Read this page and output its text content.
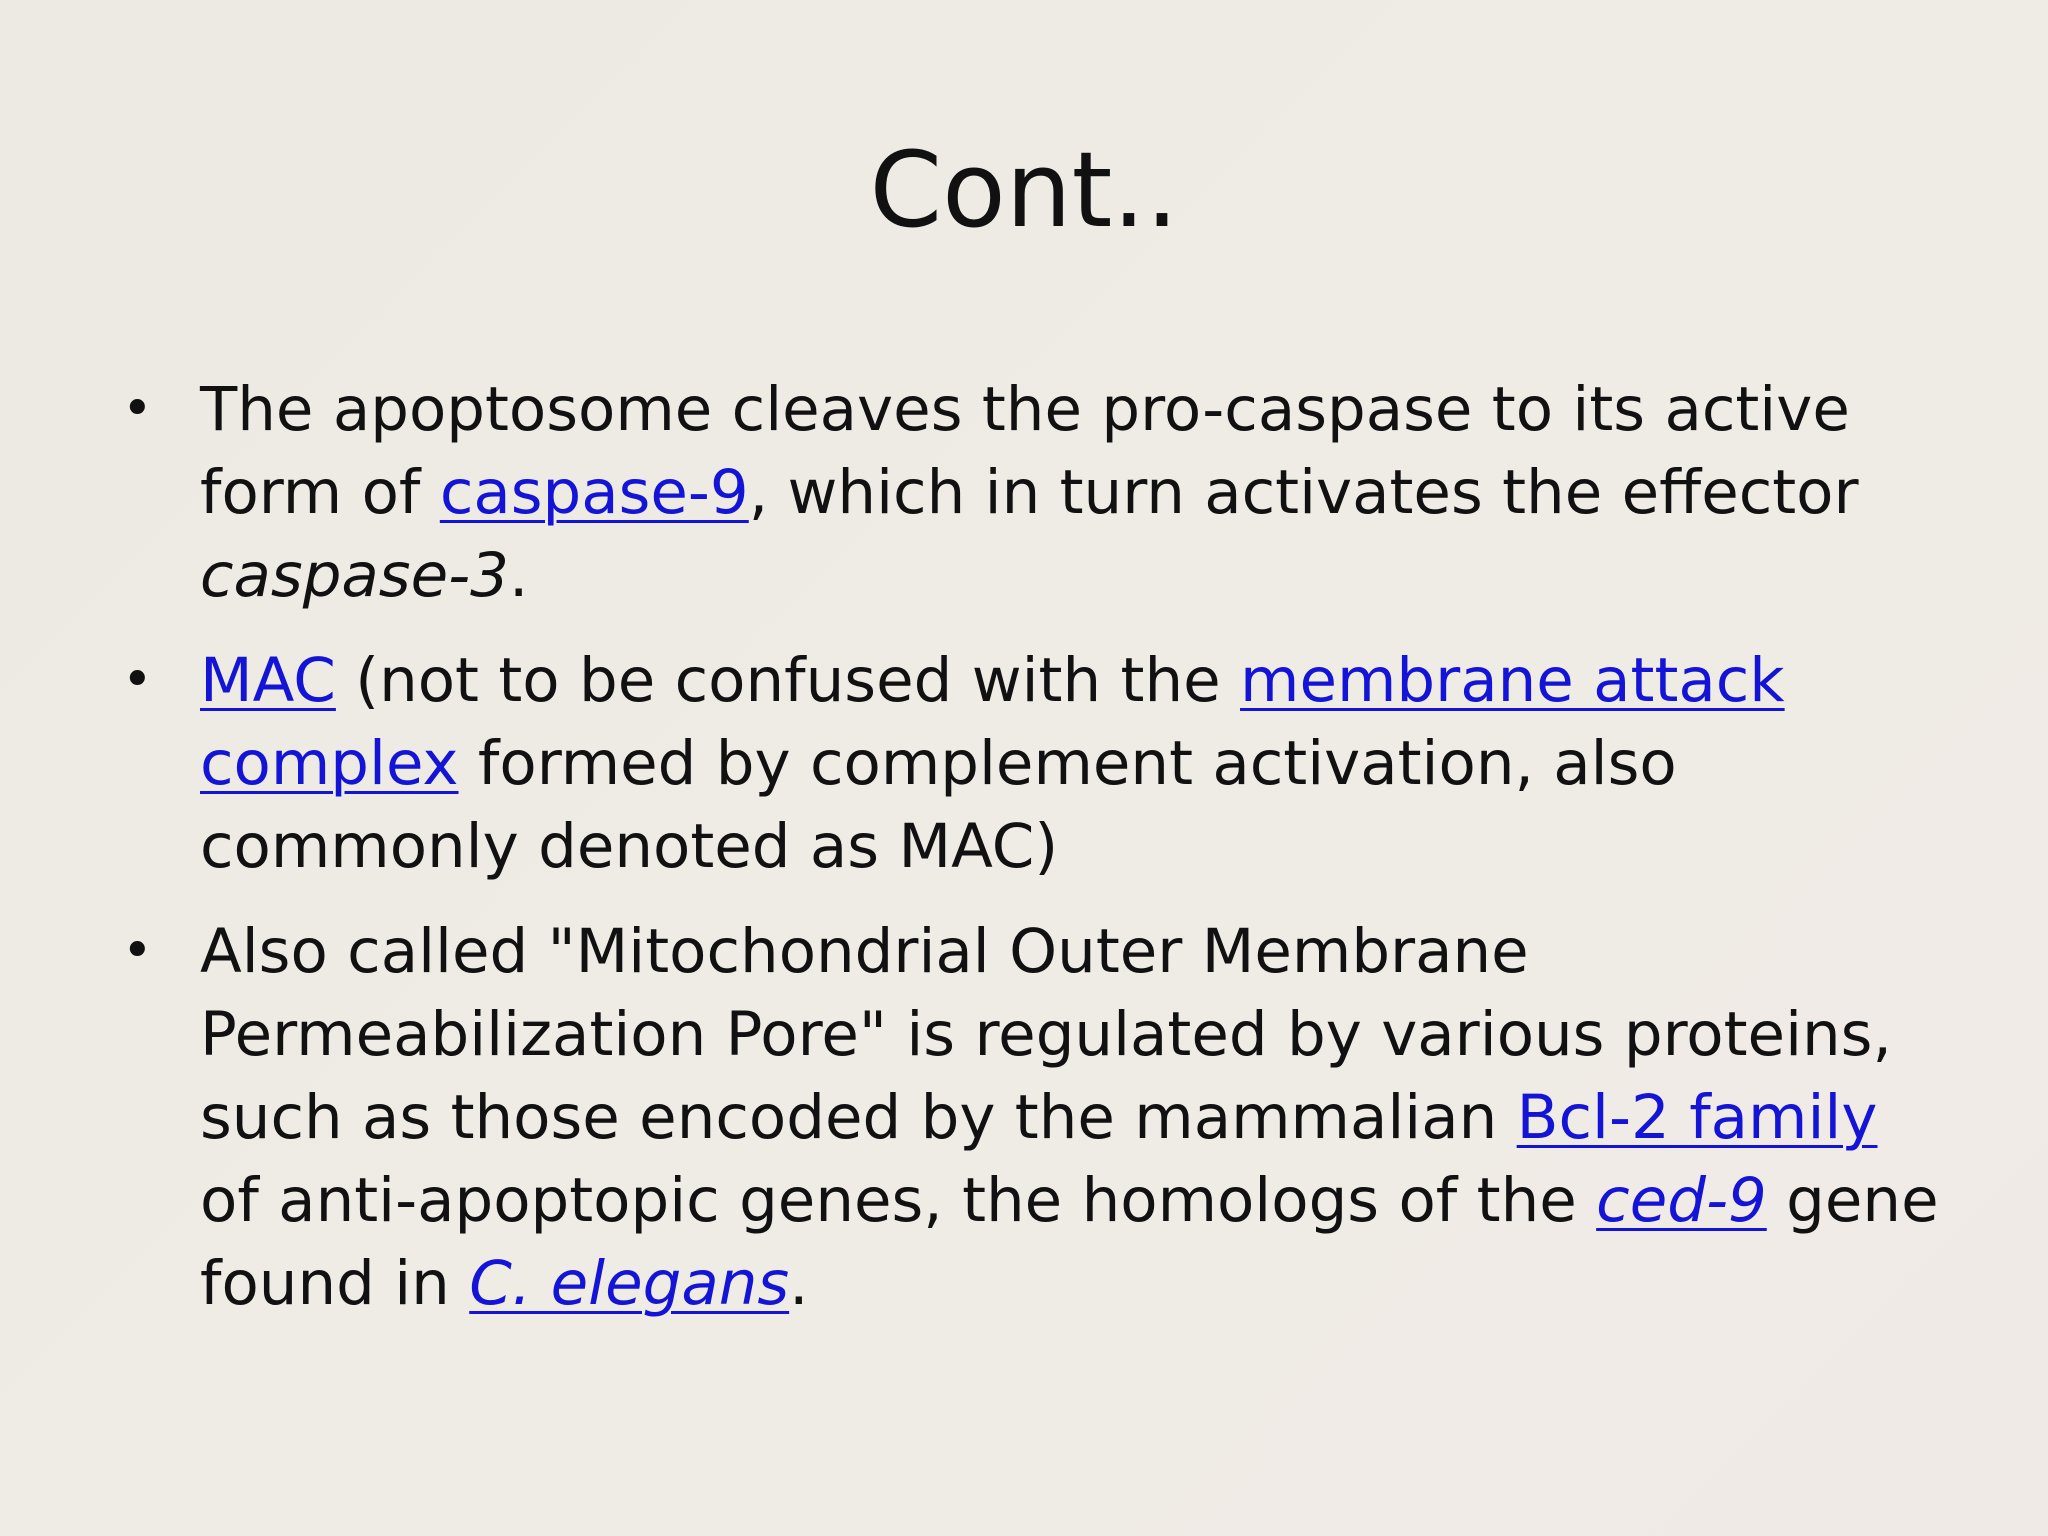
Cont..
• The apoptosome cleaves the pro-caspase to its active form of caspase-9, which in turn activates the effector caspase-3.
• MAC (not to be confused with the membrane attack complex formed by complement activation, also commonly denoted as MAC)
• Also called "Mitochondrial Outer Membrane Permeabilization Pore" is regulated by various proteins, such as those encoded by the mammalian Bcl-2 family of anti-apoptopic genes, the homologs of the ced-9 gene found in C. elegans.
